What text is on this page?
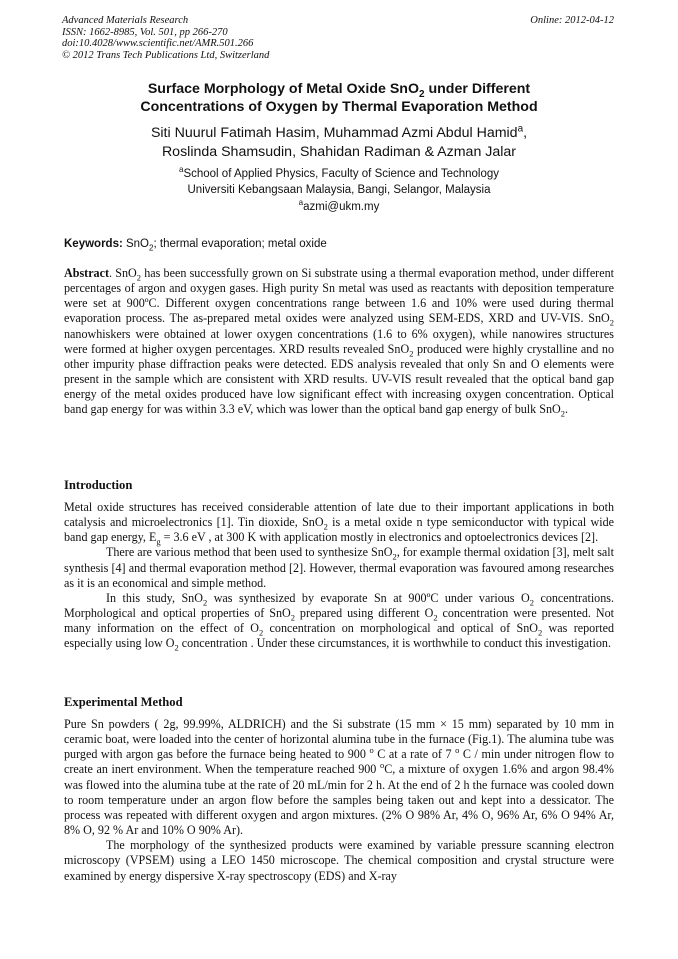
Advanced Materials Research
ISSN: 1662-8985, Vol. 501, pp 266-270
doi:10.4028/www.scientific.net/AMR.501.266
© 2012 Trans Tech Publications Ltd, Switzerland
Online: 2012-04-12
Surface Morphology of Metal Oxide SnO$_2$ under Different
Concentrations of Oxygen by Thermal Evaporation Method
Siti Nuurul Fatimah Hasim, Muhammad Azmi Abdul Hamid$^a$,
Roslinda Shamsudin, Shahidan Radiman & Azman Jalar
$^a$School of Applied Physics, Faculty of Science and Technology
Universiti Kebangsaan Malaysia, Bangi, Selangor, Malaysia
$^a$azmi@ukm.my
Keywords: SnO$_2$; thermal evaporation; metal oxide

Abstract. SnO$_2$ has been successfully grown on Si substrate using a thermal evaporation method, under different percentages of argon and oxygen gases. High purity Sn metal was used as reactants with deposition temperature were set at 900ºC. Different oxygen concentrations range between 1.6 and 10% were used during thermal evaporation process. The as-prepared metal oxides were analyzed using SEM-EDS, XRD and UV-VIS. SnO$_2$ nanowhiskers were obtained at lower oxygen concentrations (1.6 to 6% oxygen), while nanowires structures were formed at higher oxygen percentages. XRD results revealed SnO$_2$ produced were highly crystalline and no other impurity phase diffraction peaks were detected. EDS analysis revealed that only Sn and O elements were present in the sample which are consistent with XRD results. UV-VIS result revealed that the optical band gap energy of the metal oxides produced have low significant effect with increasing oxygen concentration. Optical band gap energy for was within 3.3 eV, which was lower than the optical band gap energy of bulk SnO$_2$.

Introduction

Metal oxide structures has received considerable attention of late due to their important applications in both catalysis and microelectronics [1]. Tin dioxide, SnO$_2$ is a metal oxide n type semiconductor with typical wide band gap energy, $E_g = 3.6$ eV , at 300 K with application mostly in electronics and optoelectronics devices [2].

There are various method that been used to synthesize SnO$_2$, for example thermal oxidation [3], melt salt synthesis [4] and thermal evaporation method [2]. However, thermal evaporation was favoured among researches as it is an economical and simple method.

In this study, SnO$_2$ was synthesized by evaporate Sn at 900ºC under various $O_2$ concentrations. Morphological and optical properties of SnO$_2$ prepared using different $O_2$ concentration were presented. Not many information on the effect of $O_2$ concentration on morphological and optical of SnO$_2$ was reported especially using low $O_2$ concentration . Under these circumstances, it is worthwhile to conduct this investigation.

Experimental Method

Pure Sn powders ( 2g, 99.99%, ALDRICH) and the Si substrate (15 mm × 15 mm) separated by 10 mm in ceramic boat, were loaded into the center of horizontal alumina tube in the furnace (Fig.1). The alumina tube was purged with argon gas before the furnace being heated to 900 $^o$ C at a rate of 7 $^o$ C / min under nitrogen flow to create an inert environment. When the temperature reached 900 $^o$C, a mixture of oxygen 1.6% and argon 98.4% was flowed into the alumina tube at the rate of 20 mL/min for 2 h. At the end of 2 h the furnace was cooled down to room temperature under an argon flow before the samples being taken out and kept into a dessicator. The process was repeated with different oxygen and argon mixtures. (2% O 98% Ar, 4% O, 96% Ar, 6% O 94% Ar, 8% O, 92 % Ar and 10% O 90% Ar).

The morphology of the synthesized products were examined by variable pressure scanning electron microscopy (VPSEM) using a LEO 1450 microscope. The chemical composition and crystal structure were examined by energy dispersive X-ray spectroscopy (EDS) and X-ray
